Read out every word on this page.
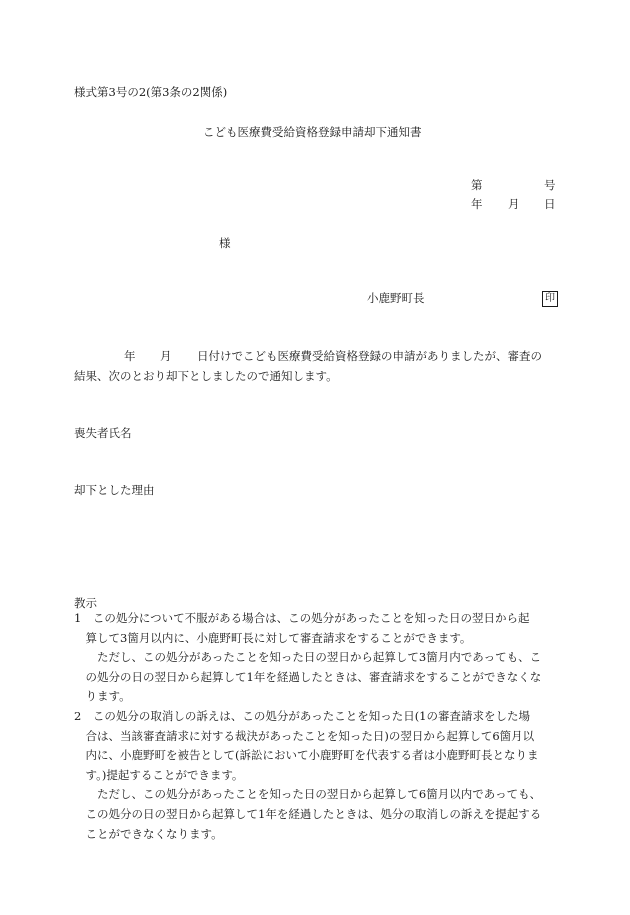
様式第3号の2(第3条の2関係)
こども医療費受給資格登録申請却下通知書
第	号
年 月 日
様
小鹿野町長	印
年 月 日付けでこども医療費受給資格登録の申請がありましたが、審査の
結果、次のとおり却下としましたので通知します。
喪失者氏名
却下とした理由
教示
1　この処分について不服がある場合は、この処分があったことを知った日の翌日から起
算して3箇月以内に、小鹿野町長に対して審査請求をすることができます。
ただし、この処分があったことを知った日の翌日から起算して3箇月内であっても、こ
の処分の日の翌日から起算して1年を経過したときは、審査請求をすることができなくな
ります。
2　この処分の取消しの訴えは、この処分があったことを知った日(1の審査請求をした場
合は、当該審査請求に対する裁決があったことを知った日)の翌日から起算して6箇月以
内に、小鹿野町を被告として(訴訟において小鹿野町を代表する者は小鹿野町長となりま
す。)提起することができます。
ただし、この処分があったことを知った日の翌日から起算して6箇月以内であっても、
この処分の日の翌日から起算して1年を経過したときは、処分の取消しの訴えを提起する
ことができなくなります。
